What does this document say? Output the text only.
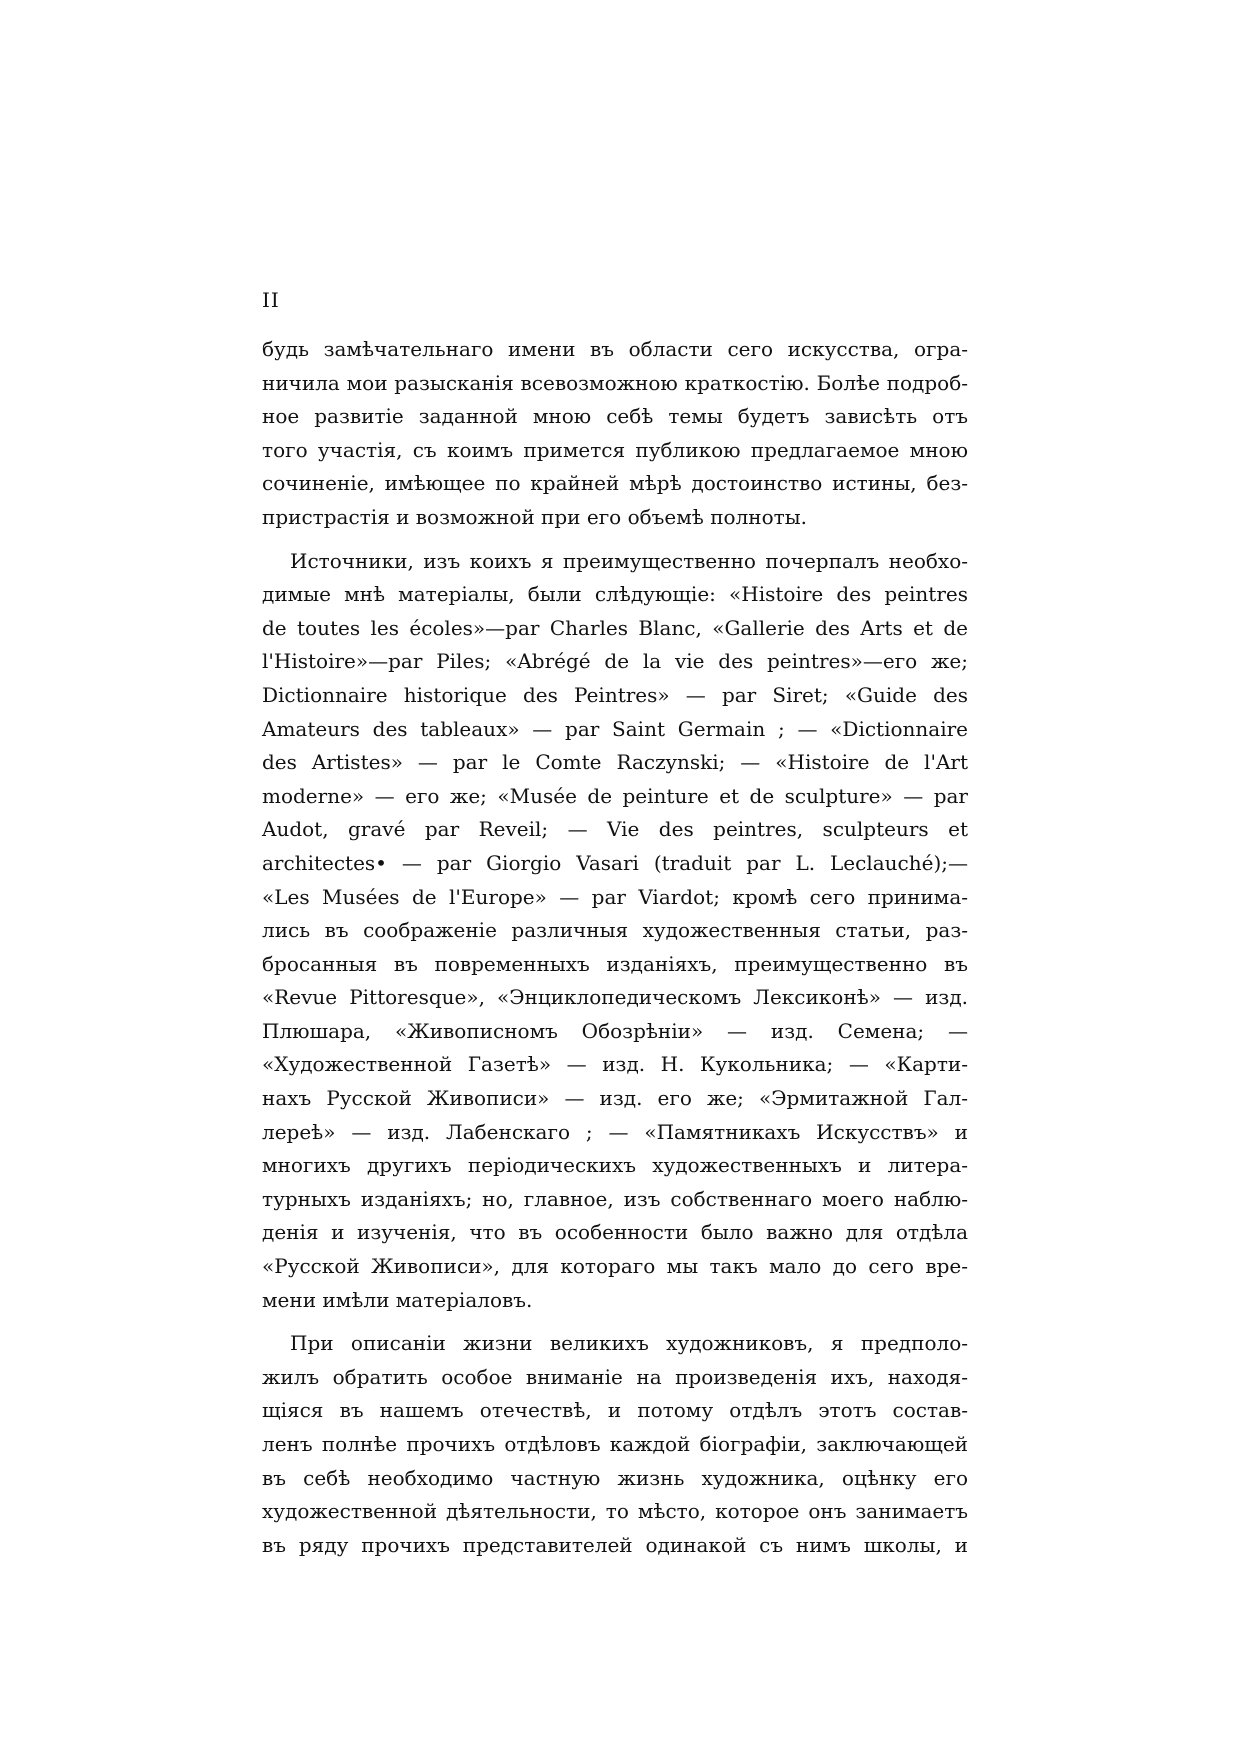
II
будь замѣчательнаго имени въ области сего искусства, огра-
ничила мои разысканія всевозможною краткостію. Болѣе подроб-
ное развитіе заданной мною себѣ темы будетъ зависѣть отъ
того участія, съ коимъ примется публикою предлагаемое мною
сочиненіе, имѣющее по крайней мѣрѣ достоинство истины, без-
пристрастія и возможной при его объемѣ полноты.
Источники, изъ коихъ я преимущественно почерпалъ необхо-
димые мнѣ матеріалы, были слѣдующіе: «Histoire des peintres
de toutes les écoles»—par Charles Blanc, «Gallerie des Arts et de
l'Histoire»—par Piles; «Abrégé de la vie des peintres»—его же;
Dictionnaire historique des Peintres» — par Siret; «Guide des
Amateurs des tableaux» — par Saint Germain ; — «Dictionnaire
des Artistes» — par le Comte Raczynski; — «Histoire de l'Art
moderne» — его же; «Musée de peinture et de sculpture» — par
Audot, gravé par Reveil; — Vie des peintres, sculpteurs et
architectes• — par Giorgio Vasari (traduit par L. Leclauché);—
«Les Musées de l'Europe» — par Viardot; кромѣ сего принима-
лись въ соображеніе различныя художественныя статьи, раз-
бросанныя въ повременныхъ изданіяхъ, преимущественно въ
«Revue Pittoresque», «Энциклопедическомъ Лексиконѣ» — изд.
Плюшара, «Живописномъ Обозрѣніи» — изд. Семена; —
«Художественной Газетѣ» — изд. Н. Кукольника; — «Карти-
нахъ Русской Живописи» — изд. его же; «Эрмитажной Гал-
лереѣ» — изд. Лабенскаго ; — «Памятникахъ Искусствъ» и
многихъ другихъ періодическихъ художественныхъ и литера-
турныхъ изданіяхъ; но, главное, изъ собственнаго моего наблю-
денія и изученія, что въ особенности было важно для отдѣла
«Русской Живописи», для котораго мы такъ мало до сего вре-
мени имѣли матеріаловъ.
При описаніи жизни великихъ художниковъ, я предполо-
жилъ обратить особое вниманіе на произведенія ихъ, находя-
щіяся въ нашемъ отечествѣ, и потому отдѣлъ этотъ состав-
ленъ полнѣе прочихъ отдѣловъ каждой біографіи, заключающей
въ себѣ необходимо частную жизнь художника, оцѣнку его
художественной дѣятельности, то мѣсто, которое онъ занимаетъ
въ ряду прочихъ представителей одинакой съ нимъ школы, и
